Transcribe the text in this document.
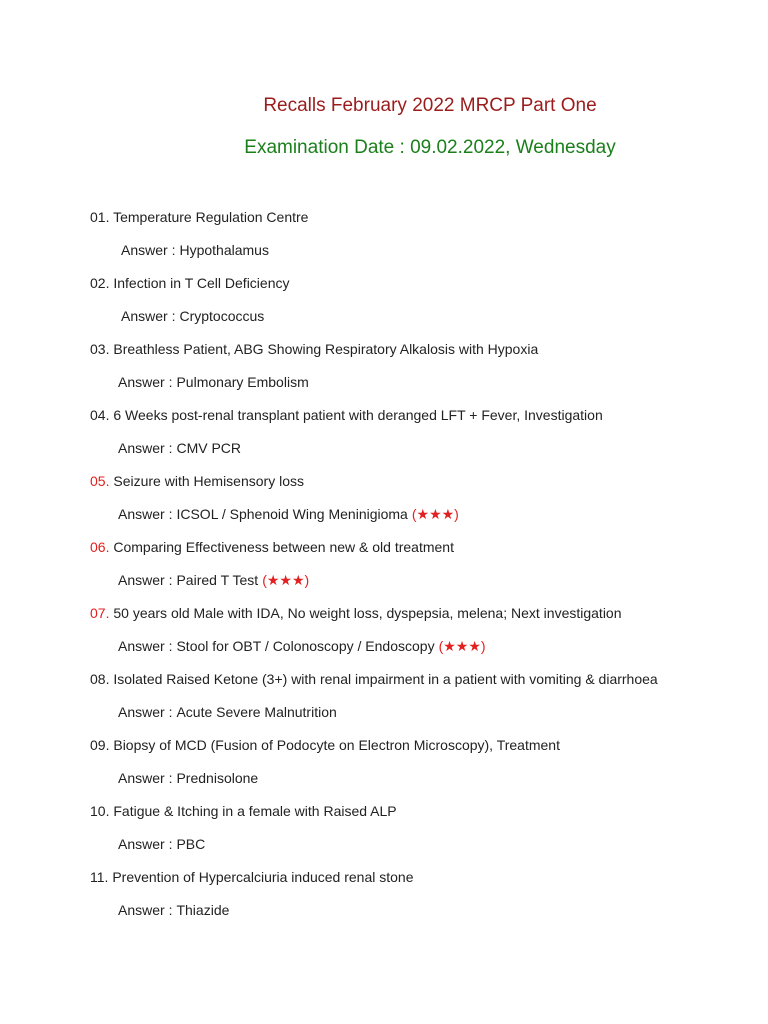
Recalls February 2022 MRCP Part One
Examination Date : 09.02.2022, Wednesday
01. Temperature Regulation Centre
Answer : Hypothalamus
02. Infection in T Cell Deficiency
Answer : Cryptococcus
03. Breathless Patient, ABG Showing Respiratory Alkalosis with Hypoxia
Answer : Pulmonary Embolism
04. 6 Weeks post-renal transplant patient with deranged LFT + Fever, Investigation
Answer : CMV PCR
05. Seizure with Hemisensory loss
Answer : ICSOL / Sphenoid Wing Meninigioma (★★★)
06. Comparing Effectiveness between new & old treatment
Answer : Paired T Test (★★★)
07. 50 years old Male with IDA, No weight loss, dyspepsia, melena; Next investigation
Answer : Stool for OBT / Colonoscopy / Endoscopy (★★★)
08. Isolated Raised Ketone (3+) with renal impairment in a patient with vomiting & diarrhoea
Answer : Acute Severe Malnutrition
09. Biopsy of MCD (Fusion of Podocyte on Electron Microscopy), Treatment
Answer : Prednisolone
10. Fatigue & Itching in a female with Raised ALP
Answer : PBC
11. Prevention of Hypercalciuria induced renal stone
Answer : Thiazide
